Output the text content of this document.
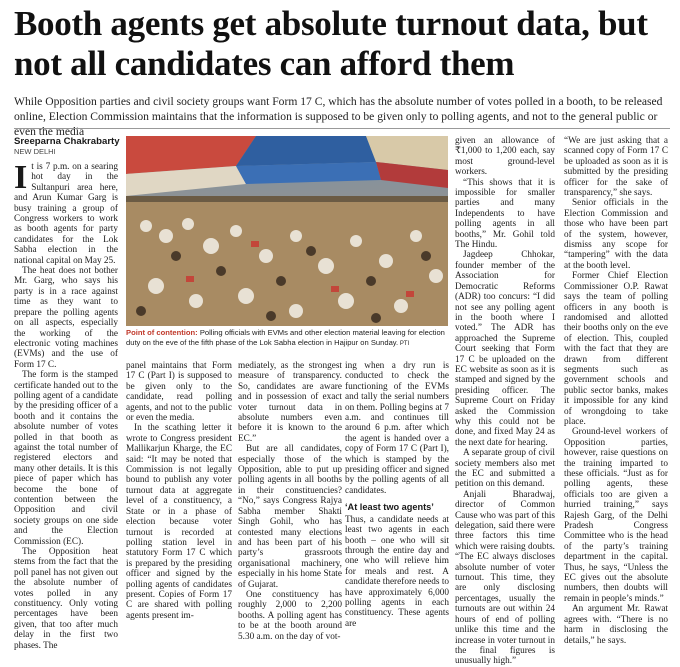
Booth agents get absolute turnout data, but not all candidates can afford them
While Opposition parties and civil society groups want Form 17 C, which has the absolute number of votes polled in a booth, to be released online, Election Commission maintains that the information is supposed to be given only to polling agents, and not to the general public or even the media
Sreeparna Chakrabarty
NEW DELHI

It is 7 p.m. on a searing hot day in the Sultanpuri area here, and Arun Kumar Garg is busy training a group of Congress workers to work as booth agents for party candidates for the Lok Sabha election in the national capital on May 25.

The heat does not bother Mr. Garg, who says his party is in a race against time as they want to prepare the polling agents on all aspects, especially the working of the electronic voting machines (EVMs) and the use of Form 17 C.

The form is the stamped certificate handed out to the polling agent of a candidate by the presiding officer of a booth and it contains the absolute number of votes polled in that booth as against the total number of registered electors and many other details. It is this piece of paper which has become the bone of contention between the Opposition and civil society groups on one side and the Election Commission (EC).

The Opposition heat stems from the fact that the poll panel has not given out the absolute number of votes polled in any constituency. Only voting percentages have been given, that too after much delay in the first two phases. The

Point of contention: Polling officials with EVMs and other election material leaving for election duty on the eve of the fifth phase of the Lok Sabha election in Hajipur on Sunday. PTI

panel maintains that Form 17 C (Part I) is supposed to be given only to the candidate, read polling agents, and not to the public or even the media.

In the scathing letter it wrote to Congress president Mallikarjun Kharge, the EC said: “It may be noted that Commission is not legally bound to publish any voter turnout data at aggregate level of a constituency, a State or in a phase of election because voter turnout is recorded at polling station level in statutory Form 17 C which is prepared by the presiding officer and signed by the polling agents of candidates present. Copies of Form 17 C are shared with polling agents present im-

mediately, as the strongest measure of transparency. So, candidates are aware and in possession of exact voter turnout data in absolute numbers even before it is known to the EC.”

But are all candidates, especially those of the Opposition, able to put up polling agents in all booths in their constituencies? “No,” says Congress Rajya Sabha member Shakti Singh Gohil, who has contested many elections and has been part of his party’s grassroots organisational machinery, especially in his home State of Gujarat.

One constituency has roughly 2,000 to 2,200 booths. A polling agent has to be at the booth around 5.30 a.m. on the day of vot-

ing when a dry run is conducted to check the functioning of the EVMs and tally the serial numbers on them. Polling begins at 7 a.m. and continues till around 6 p.m. after which the agent is handed over a copy of Form 17 C (Part I), which is stamped by the presiding officer and signed by the polling agents of all candidates.

‘At least two agents’

Thus, a candidate needs at least two agents in each booth – one who will sit through the entire day and one who will relieve him for meals and rest. A candidate therefore needs to have approximately 6,000 polling agents in each constituency. These agents are

given an allowance of ₹1,000 to 1,200 each, say most ground-level workers.

“This shows that it is impossible for smaller parties and many Independents to have polling agents in all booths,” Mr. Gohil told The Hindu.

Jagdeep Chhokar, founder member of the Association for Democratic Reforms (ADR) too concurs: “I did not see any polling agent in the booth where I voted.” The ADR has approached the Supreme Court seeking that Form 17 C be uploaded on the EC website as soon as it is stamped and signed by the presiding officer. The Supreme Court on Friday asked the Commission why this could not be done, and fixed May 24 as the next date for hearing.

A separate group of civil society members also met the EC and submitted a petition on this demand.

Anjali Bharadwaj, director of Common Cause who was part of this delegation, said there were three factors this time which were raising doubts. “The EC always discloses absolute number of voter turnout. This time, they are only disclosing percentages, usually the turnouts are out within 24 hours of end of polling unlike this time and the increase in voter turnout in the final figures is unusually high.”

“We are just asking that a scanned copy of Form 17 C be uploaded as soon as it is submitted by the presiding officer for the sake of transparency,” she says.

Senior officials in the Election Commission and those who have been part of the system, however, dismiss any scope for “tampering” with the data at the booth level.

Former Chief Election Commissioner O.P. Rawat says the team of polling officers in any booth is randomised and allotted their booths only on the eve of election. This, coupled with the fact that they are drawn from different segments such as government schools and public sector banks, makes it impossible for any kind of wrongdoing to take place.

Ground-level workers of Opposition parties, however, raise questions on the training imparted to these officials. “Just as for polling agents, these officials too are given a hurried training,” says Rajesh Garg, of the Delhi Pradesh Congress Committee who is the head of the party’s training department in the capital. Thus, he says, “Unless the EC gives out the absolute numbers, then doubts will remain in people’s minds.”

An argument Mr. Rawat agrees with. “There is no harm in disclosing the details,” he says.
